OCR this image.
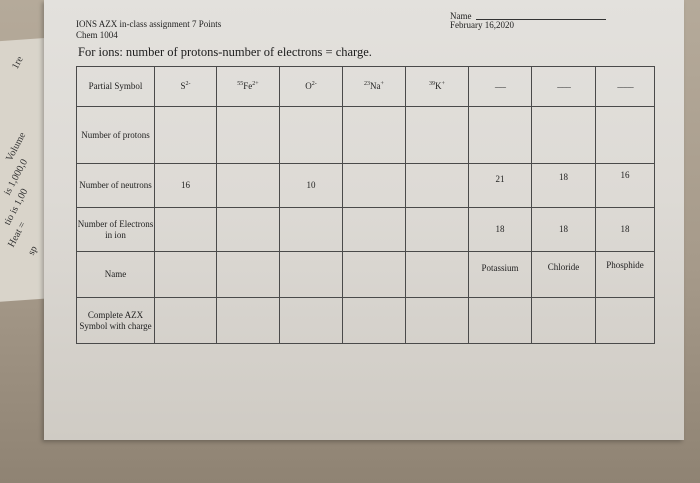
1re
Volume
is 1,000,0
tio is 1,00
Heat =
sp
IONS AZX in-class assignment 7 Points
Chem 1004
Name
February 16,2020
For ions: number of protons-number of electrons = charge.
Partial Symbol	$S^{2-}$	$^{55}Fe^{2+}$	$O^{2-}$	$^{23}$Na+	$^{39}$K+	--------	----------	------------
Number of protons								
Number of neutrons	16		10			21	18	16
Number of Electrons in ion						18	18	18
Name						Potassium	Chloride	Phosphide
Complete AZX Symbol with charge								
